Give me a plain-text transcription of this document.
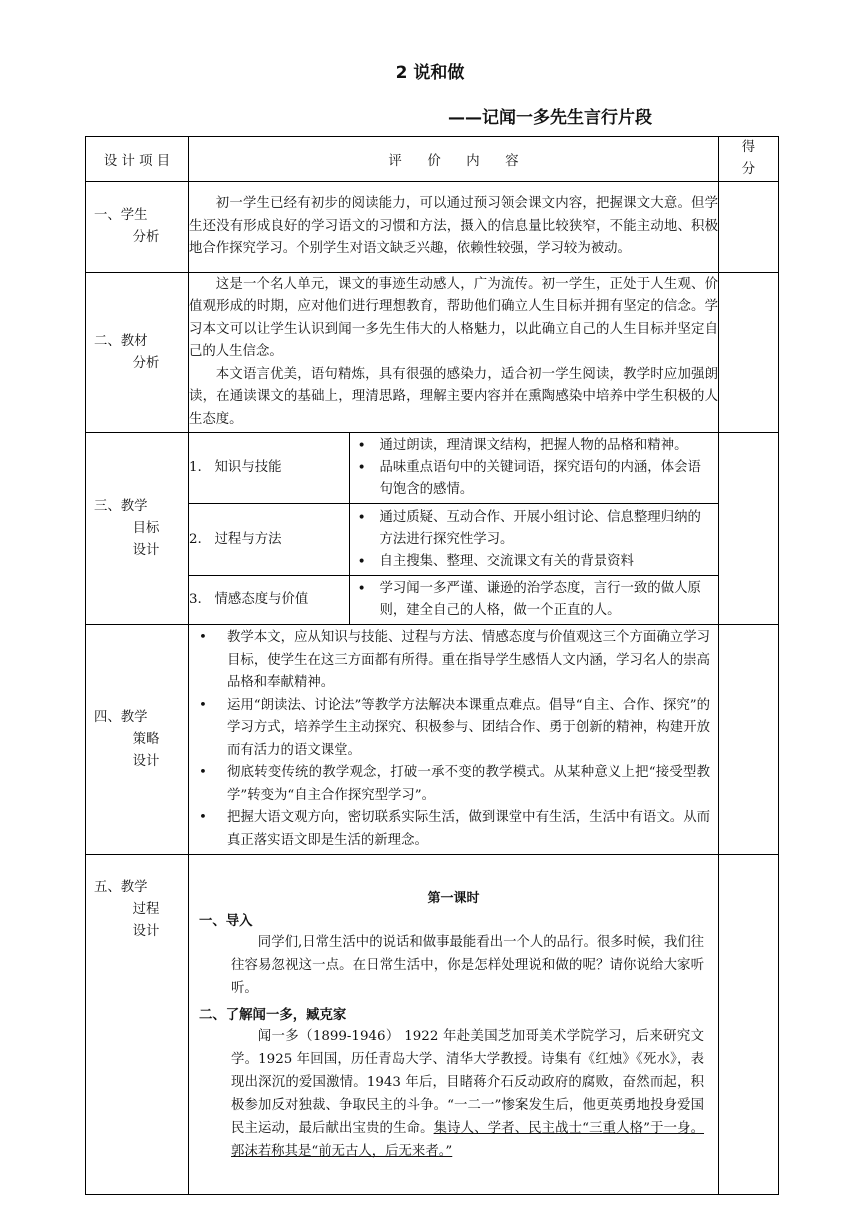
2 说和做
——记闻一多先生言行片段
设 计 项 目	评      价      内      容	
得
分

一、学生
分析

初一学生已经有初步的阅读能力，可以通过预习领会课文内容，把握课文大意。但学生还没有形成良好的学习语文的习惯和方法，摄入的信息量比较狭窄，不能主动地、积极地合作探究学习。个别学生对语文缺乏兴趣，依赖性较强，学习较为被动。

二、教材
分析

这是一个名人单元，课文的事迹生动感人，广为流传。初一学生，正处于人生观、价值观形成的时期，应对他们进行理想教育，帮助他们确立人生目标并拥有坚定的信念。学习本文可以让学生认识到闻一多先生伟大的人格魅力，以此确立自己的人生目标并坚定自己的人生信念。

本文语言优美，语句精炼，具有很强的感染力，适合初一学生阅读，教学时应加强朗读，在通读课文的基础上，理清思路，理解主要内容并在熏陶感染中培养中学生积极的人生态度。

三、教学
目标
设计

1.   知识与技能	
• 通过朗读，理清课文结构，把握人物的品格和精神。
• 品味重点语句中的关键词语，探究语句的内涵，体会语句饱含的感情。

2.   过程与方法	
• 通过质疑、互动合作、开展小组讨论、信息整理归纳的方法进行探究性学习。
• 自主搜集、整理、交流课文有关的背景资料

3.   情感态度与价值	
• 学习闻一多严谨、谦逊的治学态度，言行一致的做人原则，建全自己的人格，做一个正直的人。

四、教学
策略
设计

• 教学本文，应从知识与技能、过程与方法、情感态度与价值观这三个方面确立学习目标，使学生在这三方面都有所得。重在指导学生感悟人文内涵，学习名人的崇高品格和奉献精神。
• 运用“朗读法、讨论法”等教学方法解决本课重点难点。倡导“自主、合作、探究”的学习方式，培养学生主动探究、积极参与、团结合作、勇于创新的精神，构建开放而有活力的语文课堂。
• 彻底转变传统的教学观念，打破一承不变的教学模式。从某种意义上把“接受型教学”转变为“自主合作探究型学习”。
• 把握大语文观方向，密切联系实际生活，做到课堂中有生活，生活中有语文。从而真正落实语文即是生活的新理念。

五、教学
过程
设计

第一课时
一、导入

同学们,日常生活中的说话和做事最能看出一个人的品行。很多时候，我们往往容易忽视这一点。在日常生活中，你是怎样处理说和做的呢？请你说给大家听听。

二、了解闻一多，臧克家

闻一多（1899-1946） 1922 年赴美国芝加哥美术学院学习，后来研究文学。1925 年回国，历任青岛大学、清华大学教授。诗集有《红烛》《死水》，表现出深沉的爱国激情。1943 年后，目睹蒋介石反动政府的腐败，奋然而起，积极参加反对独裁、争取民主的斗争。“一二一”惨案发生后，他更英勇地投身爱国民主运动，最后献出宝贵的生命。集诗人、学者、民主战士“三重人格”于一身。郭沫若称其是“前无古人，后无来者。”
